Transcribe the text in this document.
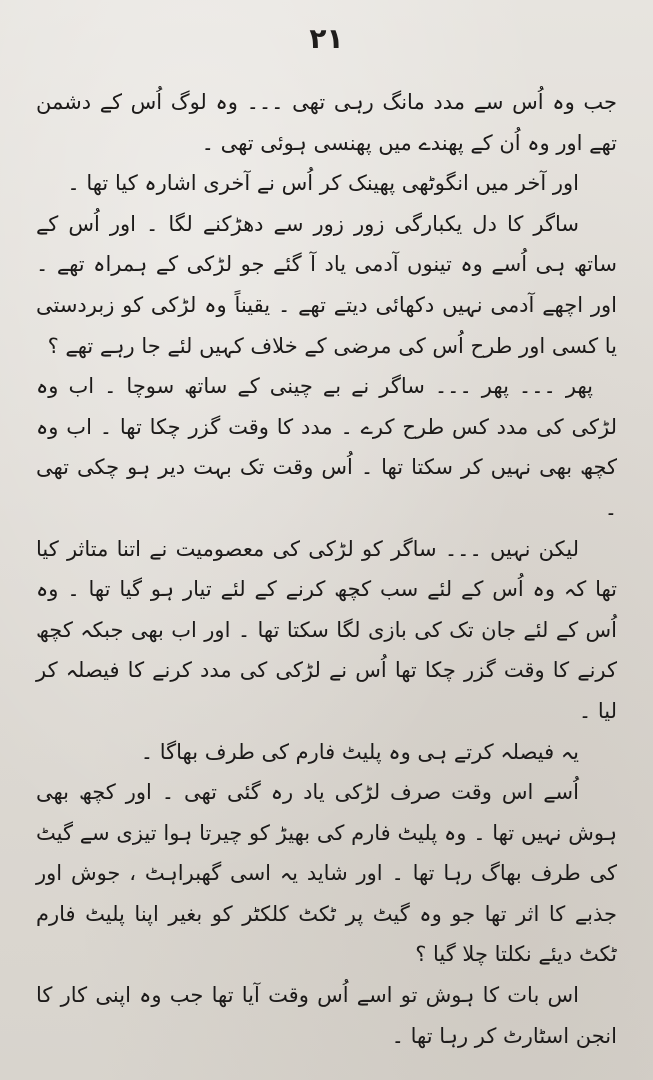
۲۱

جب وہ اُس سے مدد مانگ رہی تھی ۔۔۔ وہ لوگ اُس کے دشمن تھے اور وہ اُن کے پھندے میں پھنسی ہوئی تھی ۔

اور آخر میں انگوٹھی پھینک کر اُس نے آخری اشارہ کیا تھا ۔

ساگر کا دل یکبارگی زور زور سے دھڑکنے لگا ۔ اور اُس کے ساتھ ہی اُسے وہ تینوں آدمی یاد آ گئے جو لڑکی کے ہمراہ تھے ۔ اور اچھے آدمی نہیں دکھائی دیتے تھے ۔ یقیناً وہ لڑکی کو زبردستی یا کسی اور طرح اُس کی مرضی کے خلاف کہیں لئے جا رہے تھے ؟

پھر ۔۔۔ پھر ۔۔۔ ساگر نے بے چینی کے ساتھ سوچا ۔ اب وہ لڑکی کی مدد کس طرح کرے ۔ مدد کا وقت گزر چکا تھا ۔ اب وہ کچھ بھی نہیں کر سکتا تھا ۔ اُس وقت تک بہت دیر ہو چکی تھی ۔

لیکن نہیں ۔۔۔ ساگر کو لڑکی کی معصومیت نے اتنا متاثر کیا تھا کہ وہ اُس کے لئے سب کچھ کرنے کے لئے تیار ہو گیا تھا ۔ وہ اُس کے لئے جان تک کی بازی لگا سکتا تھا ۔ اور اب بھی جبکہ کچھ کرنے کا وقت گزر چکا تھا اُس نے لڑکی کی مدد کرنے کا فیصلہ کر لیا ۔

یہ فیصلہ کرتے ہی وہ پلیٹ فارم کی طرف بھاگا ۔

اُسے اس وقت صرف لڑکی یاد رہ گئی تھی ۔ اور کچھ بھی ہوش نہیں تھا ۔ وہ پلیٹ فارم کی بھیڑ کو چیرتا ہوا تیزی سے گیٹ کی طرف بھاگ رہا تھا ۔ اور شاید یہ اسی گھبراہٹ ، جوش اور جذبے کا اثر تھا جو وہ گیٹ پر ٹکٹ کلکٹر کو بغیر اپنا پلیٹ فارم ٹکٹ دیئے نکلتا چلا گیا ؟

اس بات کا ہوش تو اسے اُس وقت آیا تھا جب وہ اپنی کار کا انجن اسٹارٹ کر رہا تھا ۔
